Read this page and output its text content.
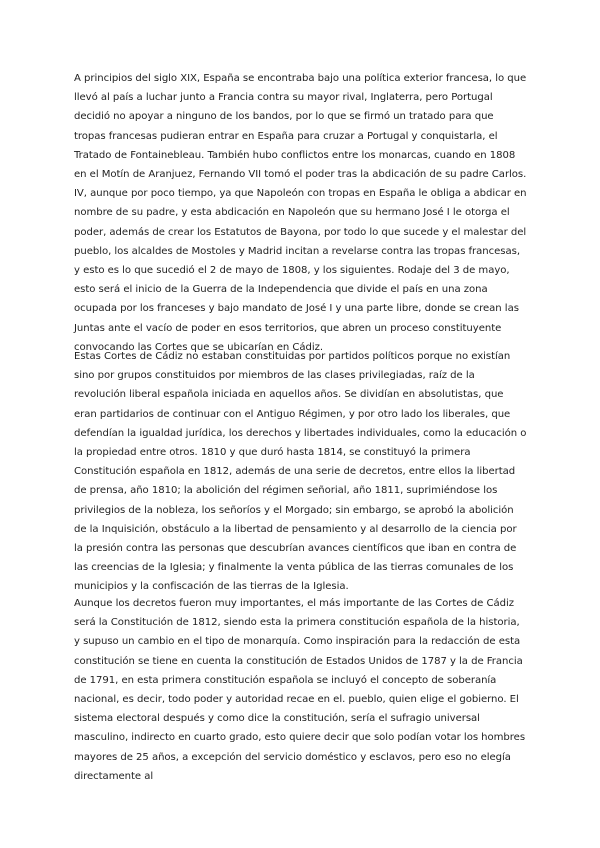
A principios del siglo XIX, España se encontraba bajo una política exterior francesa, lo que llevó al país a luchar junto a Francia contra su mayor rival, Inglaterra, pero Portugal decidió no apoyar a ninguno de los bandos, por lo que se firmó un tratado para que tropas francesas pudieran entrar en España para cruzar a Portugal y conquistarla, el Tratado de Fontainebleau. También hubo conflictos entre los monarcas, cuando en 1808 en el Motín de Aranjuez, Fernando VII tomó el poder tras la abdicación de su padre Carlos. IV, aunque por poco tiempo, ya que Napoleón con tropas en España le obliga a abdicar en nombre de su padre, y esta abdicación en Napoleón que su hermano José I le otorga el poder, además de crear los Estatutos de Bayona, por todo lo que sucede y el malestar del pueblo, los alcaldes de Mostoles y Madrid incitan a revelarse contra las tropas francesas, y esto es lo que sucedió el 2 de mayo de 1808, y los siguientes. Rodaje del 3 de mayo, esto será el inicio de la Guerra de la Independencia que divide el país en una zona ocupada por los franceses y bajo mandato de José I y una parte libre, donde se crean las Juntas ante el vacío de poder en esos territorios, que abren un proceso constituyente convocando las Cortes que se ubicarían en Cádiz.

Estas Cortes de Cádiz no estaban constituidas por partidos políticos porque no existían sino por grupos constituidos por miembros de las clases privilegiadas, raíz de la revolución liberal española iniciada en aquellos años. Se dividían en absolutistas, que eran partidarios de continuar con el Antiguo Régimen, y por otro lado los liberales, que defendían la igualdad jurídica, los derechos y libertades individuales, como la educación o la propiedad entre otros. 1810 y que duró hasta 1814, se constituyó la primera Constitución española en 1812, además de una serie de decretos, entre ellos la libertad de prensa, año 1810; la abolición del régimen señorial, año 1811, suprimiéndose los privilegios de la nobleza, los señoríos y el Morgado; sin embargo, se aprobó la abolición de la Inquisición, obstáculo a la libertad de pensamiento y al desarrollo de la ciencia por la presión contra las personas que descubrían avances científicos que iban en contra de las creencias de la Iglesia; y finalmente la venta pública de las tierras comunales de los municipios y la confiscación de las tierras de la Iglesia.

Aunque los decretos fueron muy importantes, el más importante de las Cortes de Cádiz será la Constitución de 1812, siendo esta la primera constitución española de la historia, y supuso un cambio en el tipo de monarquía. Como inspiración para la redacción de esta constitución se tiene en cuenta la constitución de Estados Unidos de 1787 y la de Francia de 1791, en esta primera constitución española se incluyó el concepto de soberanía nacional, es decir, todo poder y autoridad recae en el. pueblo, quien elige el gobierno. El sistema electoral después y como dice la constitución, sería el sufragio universal masculino, indirecto en cuarto grado, esto quiere decir que solo podían votar los hombres mayores de 25 años, a excepción del servicio doméstico y esclavos, pero eso no elegía directamente al
